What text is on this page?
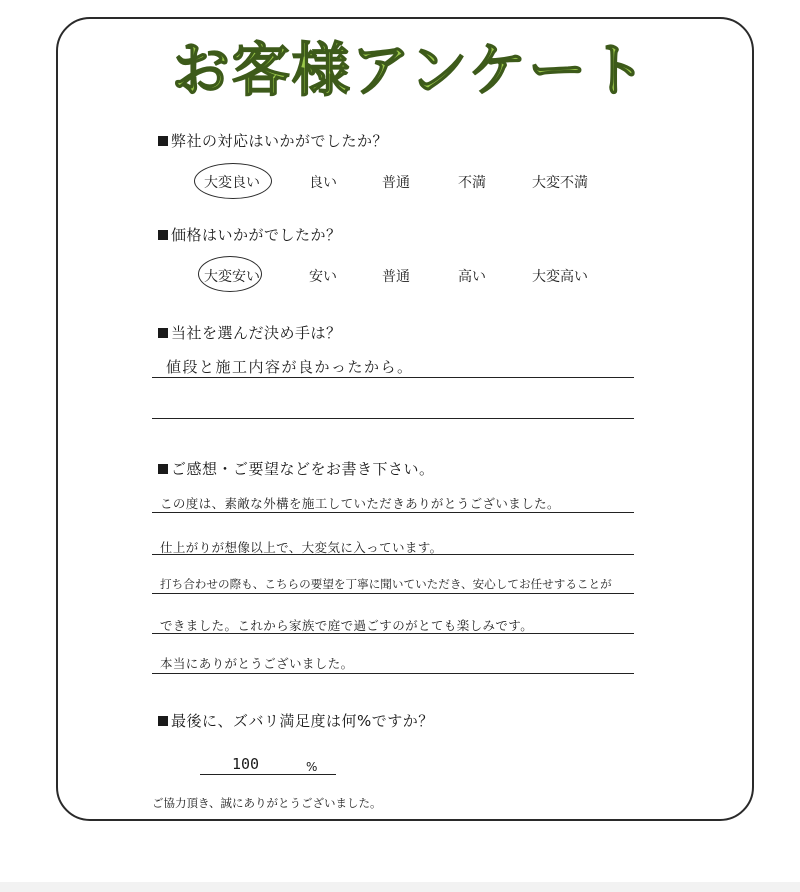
お客様アンケート
弊社の対応はいかがでしたか？
大変良い	良い	普通	不満	大変不満
価格はいかがでしたか？
大変安い	安い	普通	高い	大変高い
当社を選んだ決め手は？
値段と施工内容が良かったから。
ご感想・ご要望などをお書き下さい。
この度は、素敵な外構を施工していただきありがとうございました。
仕上がりが想像以上で、大変気に入っています。
打ち合わせの際も、こちらの要望を丁寧に聞いていただき、安心してお任せすることが
できました。これから家族で庭で過ごすのがとても楽しみです。
本当にありがとうございました。
最後に、ズバリ満足度は何%ですか？
100	%
ご協力頂き、誠にありがとうございました。
